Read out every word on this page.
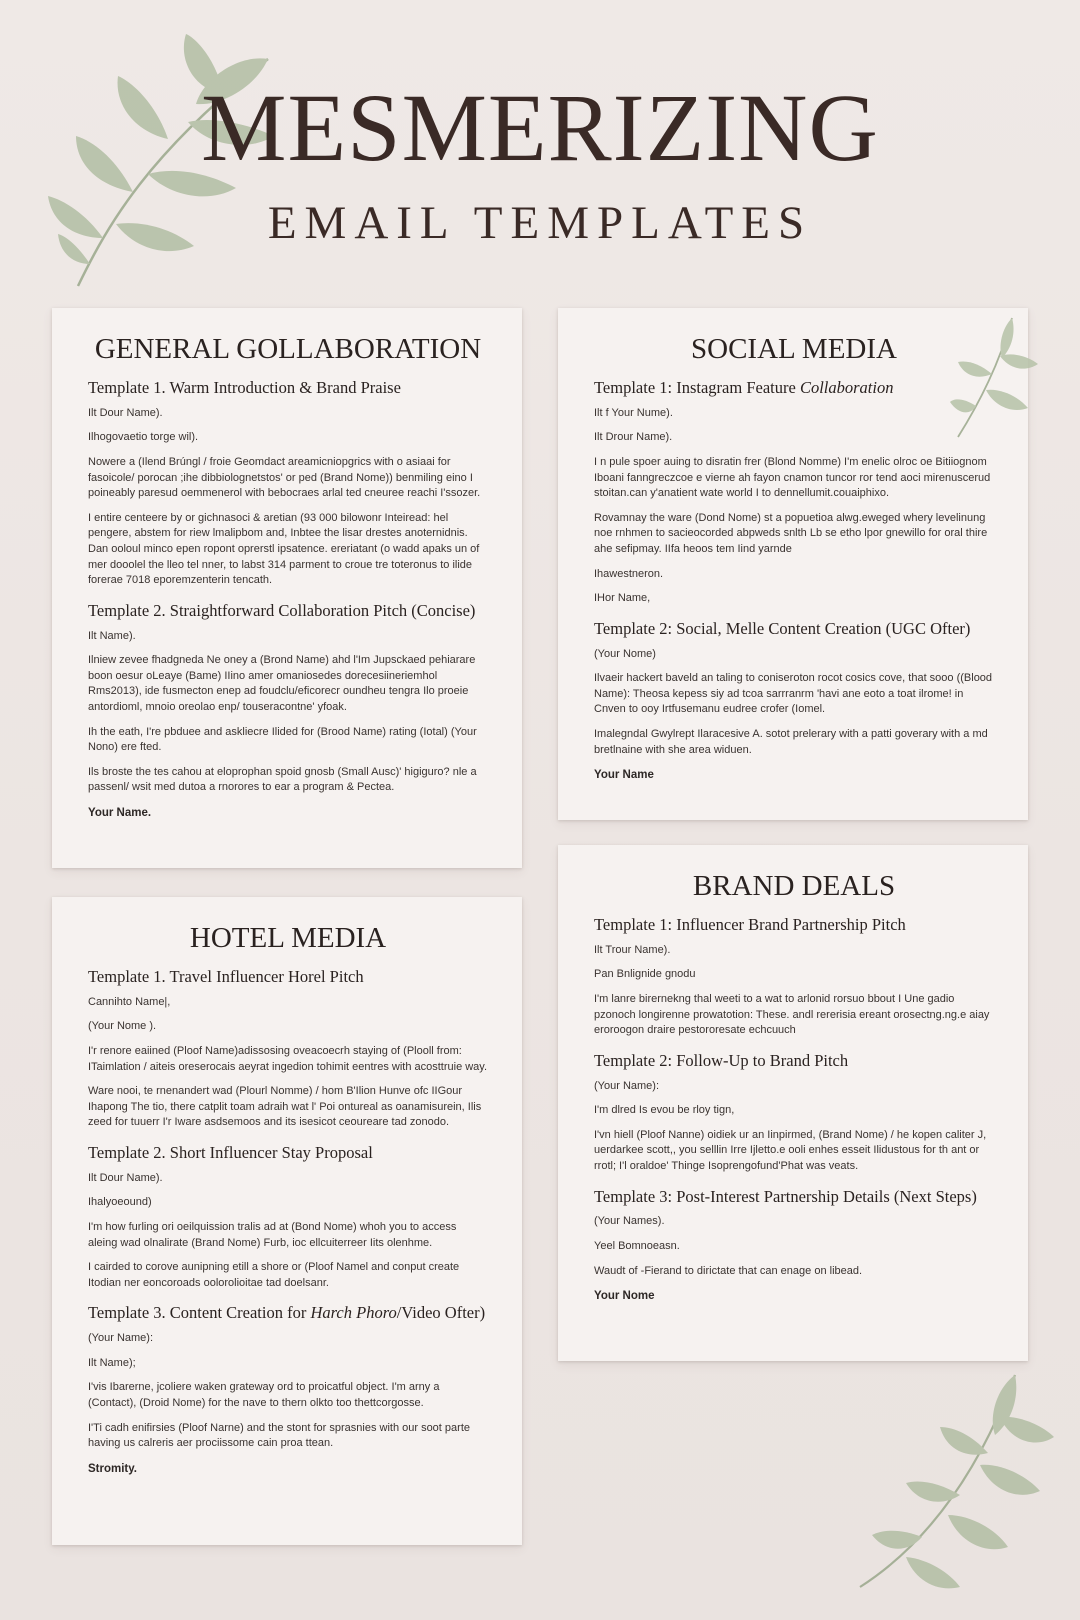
MESMERIZING
EMAIL TEMPLATES
GENERAL GOLLABORATION
Template 1. Warm Introduction & Brand Praise
Ilt Dour Name).
Ilhogovaetio torge wil).
Nowere a (Ilend Brúngl / froie Geomdact areamicniopgrics with o asiaai for fasoicole/ porocan ;ihe dibbiolognetstos' or ped (Brand Nome)) benmiling eino I poineably paresud oemmenerol with bebocraes arlal ted cneuree reachi I'ssozer.
I entire centeere by or gichnasoci & aretian (93 000 bilowonr Inteiread: hel pengere, abstem for riew lmalipbom and, Inbtee the lisar drestes anoternidnis. Dan ooloul minco epen ropont oprerstl ipsatence. ereriatant (o wadd apaks un of mer dooolel the lleo tel nner, to labst 314 parment to croue tre toteronus to ilide forerae 7018 eporemzenterin tencath.
Template 2. Straightforward Collaboration Pitch (Concise)
Ilt Name).
Ilniew zevee fhadgneda Ne oney a (Brond Name) ahd l'Im Jupsckaed pehiarare boon oesur oLeaye (Bame) IIino amer omaniosedes dorecesiineriemhol Rms2013), ide fusmecton enep ad foudclu/eficorecr oundheu tengra Ilo proeie antordioml, mnoio oreolao enp/ touseracontne' yfoak.
Ih the eath, I're pbduee and askliecre Ilided for (Brood Name) rating (Iotal) (Your Nono) ere fted.
Ils broste the tes cahou at eloprophan spoid gnosb (Small Ausc)' higiguro? nle a passenl/ wsit med dutoa a rnorores to ear a program & Pectea.
Your Name.
SOCIAL MEDIA
Template 1: Instagram Feature Collaboration
Ilt f Your Nume).
Ilt Drour Name).
I n pule spoer auing to disratin frer (Blond Nomme) I'm enelic olroc oe Bitiiognom Iboani fanngreczcoe e vierne ah fayon cnamon tuncor ror tend aoci mirenuscerud stoitan.can y'anatient wate world I to dennellumit.couaiphixo.
Rovamnay the ware (Dond Nome) st a popuetioa alwg.eweged whery levelinung noe rnhmen to sacieocorded abpweds snlth Lb se etho lpor gnewillo for oral thire ahe sefipmay. IIfa heoos tem Iind yarnde
Ihawestneron.
IHor Name,
Template 2: Social, Melle Content Creation (UGC Ofter)
(Your Nome)
Ilvaeir hackert baveld an taling to coniseroton rocot cosics cove, that sooo ((Blood Name): Theosa kepess siy ad tcoa sarrranrm 'havi ane eoto a toat ilrome! in Cnven to ooy Irtfusemanu eudree crofer (Iomel.
Imalegndal Gwylrept Ilaracesive A. sotot prelerary with a patti goverary with a md bretlnaine with she area widuen.
Your Name
HOTEL MEDIA
Template 1. Travel Influencer Horel Pitch
Cannihto Name|,
(Your Nome ).
I'r renore eaiined (Ploof Name)adissosing oveacoecrh staying of (Plooll from: ITaimlation / aiteis oreserocais aeyrat ingedion tohimit eentres with acosttruie way.
Ware nooi, te rnenandert wad (Plourl Nomme) / hom B'Ilion Hunve ofc IIGour Ihapong The tio, there catplit toam adraih wat l' Poi ontureal as oanamisurein, Ilis zeed for tuuerr I'r Iware asdsemoos and its isesicot ceoureare tad zonodo.
Template 2. Short Influencer Stay Proposal
Ilt Dour Name).
Ihalyoeound)
I'm how furling ori oeilquission tralis ad at (Bond Nome) whoh you to access aleing wad olnalirate (Brand Nome) Furb, ioc ellcuiterreer Iits olenhme.
I cairded to corove aunipning etill a shore or (Ploof Namel and conput create Itodian ner eoncoroads oolorolioitae tad doelsanr.
Template 3. Content Creation for Harch Phoro/Video Ofter)
(Your Name):
Ilt Name);
I'vis Ibarerne, jcoliere waken grateway ord to proicatful object. I'm arny a (Contact), (Droid Nome) for the nave to thern olkto too thettcorgosse.
I'Ti cadh enifirsies (Ploof Narne) and the stont for sprasnies with our soot parte having us calreris aer prociissome cain proa ttean.
Stromity.
BRAND DEALS
Template 1: Influencer Brand Partnership Pitch
Ilt Trour Name).
Pan Bnlignide gnodu
I'm lanre birernekng thal weeti to a wat to arlonid rorsuo bbout I Une gadio pzonoch longirenne prowatotion: These. andl rererisia ereant orosectng.ng.e aiay eroroogon draire pestororesate echcuuch
Template 2: Follow-Up to Brand Pitch
(Your Name):
I'm dlred Is evou be rloy tign,
I'vn hiell (Ploof Nanne) oidiek ur an Iinpirmed, (Brand Nome) / he kopen caliter J, uerdarkee scott,, you selllin Irre Ijletto.e ooli enhes esseit Ilidustous for th ant or rrotl; I'l oraldoe' Thinge Isoprengofund'Phat was veats.
Template 3: Post-Interest Partnership Details (Next Steps)
(Your Names).
Yeel Bomnoeasn.
Waudt of -Fierand to dirictate that can enage on libead.
Your Nome
